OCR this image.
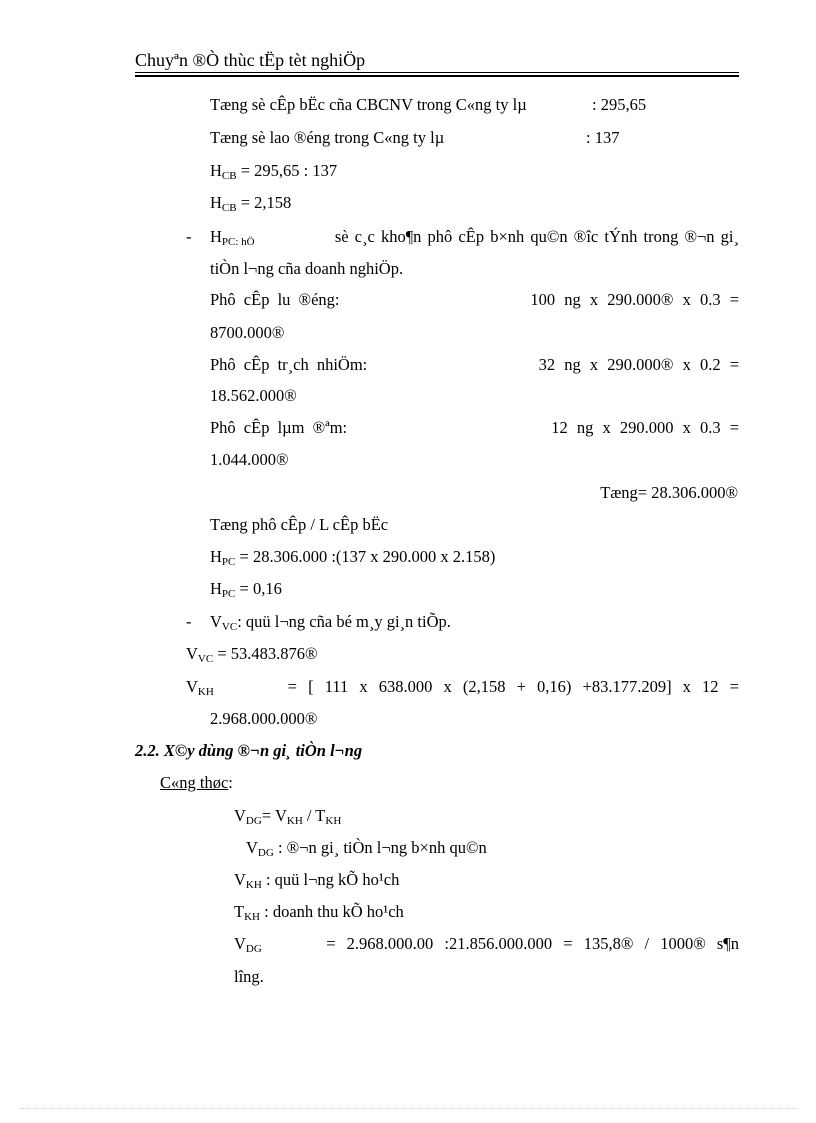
Chuyªn ®Ò thùc tËp tèt nghiÖp
Tæng sè cÊp bËc cña CBCNV trong C«ng ty lµ	: 295,65
Tæng sè lao ®éng trong C«ng ty lµ	: 137
$H_{CB} = 295,65$ : 137
$H_{CB} = 2,158$
- $H_{PC: hÖ}$	sè c¸c kho¶n phô cÊp b×nh qu©n ®îc tÝnh trong ®¬n gi¸
tiÒn l¬ng cña doanh nghiÖp.
Phô cÊp lu ®éng:	100 ng x 290.000® x 0.3 =
8700.000®
Phô cÊp tr¸ch nhiÖm:	32 ng x 290.000® x 0.2 =
18.562.000®
Phô cÊp lµm ®ªm:	12 ng x 290.000 x 0.3 =
1.044.000®
Tæng= 28.306.000®
Tæng phô cÊp / L cÊp bËc
$H_{PC} = 28.306.000$ :(137 x 290.000 x 2.158)
$H_{PC} = 0,16$
- $V_{VC}$: quü l¬ng cña bé m¸y gi¸n tiÕp.
$V_{VC}$ = 53.483.876®
$V_{KH}$	= [ 111 x 638.000 x (2,158 + 0,16) +83.177.209] x 12 =
2.968.000.000®
2.2. X©y dùng ®¬n gi¸ tiÒn l¬ng
C«ng thøc:
$V_{DG}= V_{KH} / T_{KH}$
$V_{DG}$ : ®¬n gi¸ tiÒn l¬ng b×nh qu©n
$V_{KH}$ : quü l¬ng kÕ ho¹ch
$T_{KH}$ : doanh thu kÕ ho¹ch
$V_{DG}$	= 2.968.000.00 :21.856.000.000 = 135,8® / 1000® s¶n
lîng.
